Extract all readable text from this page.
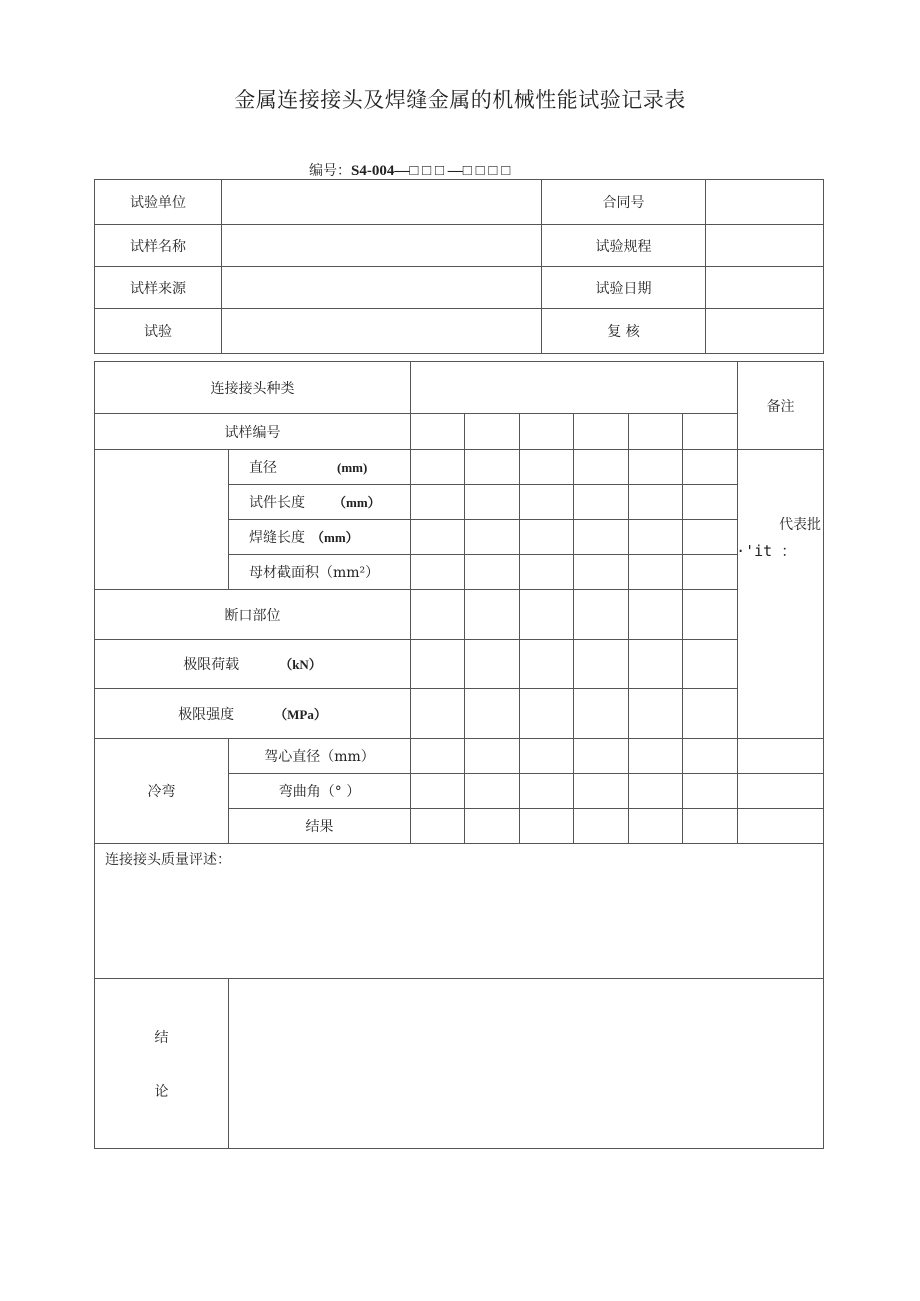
金属连接接头及焊缝金属的机械性能试验记录表
编号：S4-004—□ □ □ —□ □ □ □
试验单位		合同号	
试样名称		试验规程	
试样来源		试验日期	
试验		复 核	
连接接头种类								备注
试样编号								
	直径 (mm)							代表批
·'it ：

	试件长度 （mm）							
	焊缝长度 （mm）							
	母材截面积（mm²）							
断口部位								
极限荷载 （kN）								
极限强度 （MPa）								
冷弯	驾心直径（mm）							
	弯曲角（° ）							
	结果							
连接接头质量评述：								

结
论								
